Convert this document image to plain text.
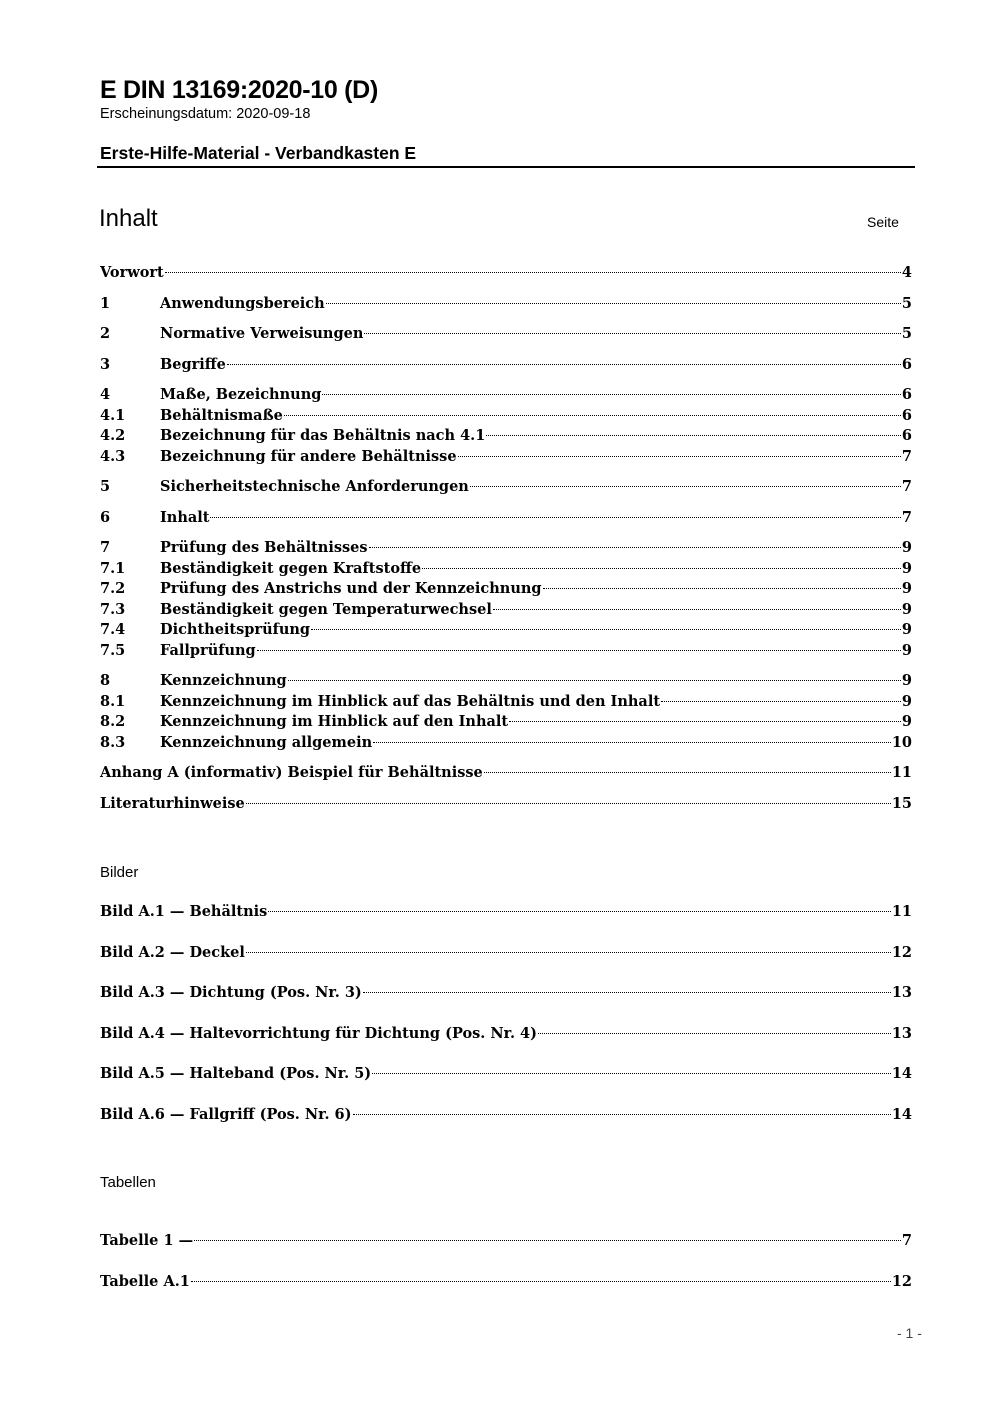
E DIN 13169:2020-10 (D)
Erscheinungsdatum: 2020-09-18
Erste-Hilfe-Material - Verbandkasten E
Inhalt	Seite
Vorwort	4
1	Anwendungsbereich	5
2	Normative Verweisungen	5
3	Begriffe	6
4	Maße, Bezeichnung	6
4.1	Behältnismaße	6
4.2	Bezeichnung für das Behältnis nach 4.1	6
4.3	Bezeichnung für andere Behältnisse	7
5	Sicherheitstechnische Anforderungen	7
6	Inhalt	7
7	Prüfung des Behältnisses	9
7.1	Beständigkeit gegen Kraftstoffe	9
7.2	Prüfung des Anstrichs und der Kennzeichnung	9
7.3	Beständigkeit gegen Temperaturwechsel	9
7.4	Dichtheitsprüfung	9
7.5	Fallprüfung	9
8	Kennzeichnung	9
8.1	Kennzeichnung im Hinblick auf das Behältnis und den Inhalt	9
8.2	Kennzeichnung im Hinblick auf den Inhalt	9
8.3	Kennzeichnung allgemein	10
Anhang A (informativ) Beispiel für Behältnisse	11
Literaturhinweise	15
Bilder
Bild A.1 — Behältnis	11
Bild A.2 — Deckel	12
Bild A.3 — Dichtung (Pos. Nr. 3)	13
Bild A.4 — Haltevorrichtung für Dichtung (Pos. Nr. 4)	13
Bild A.5 — Halteband (Pos. Nr. 5)	14
Bild A.6 — Fallgriff (Pos. Nr. 6)	14
Tabellen
Tabelle 1 —	7
Tabelle A.1	12
- 1 -
